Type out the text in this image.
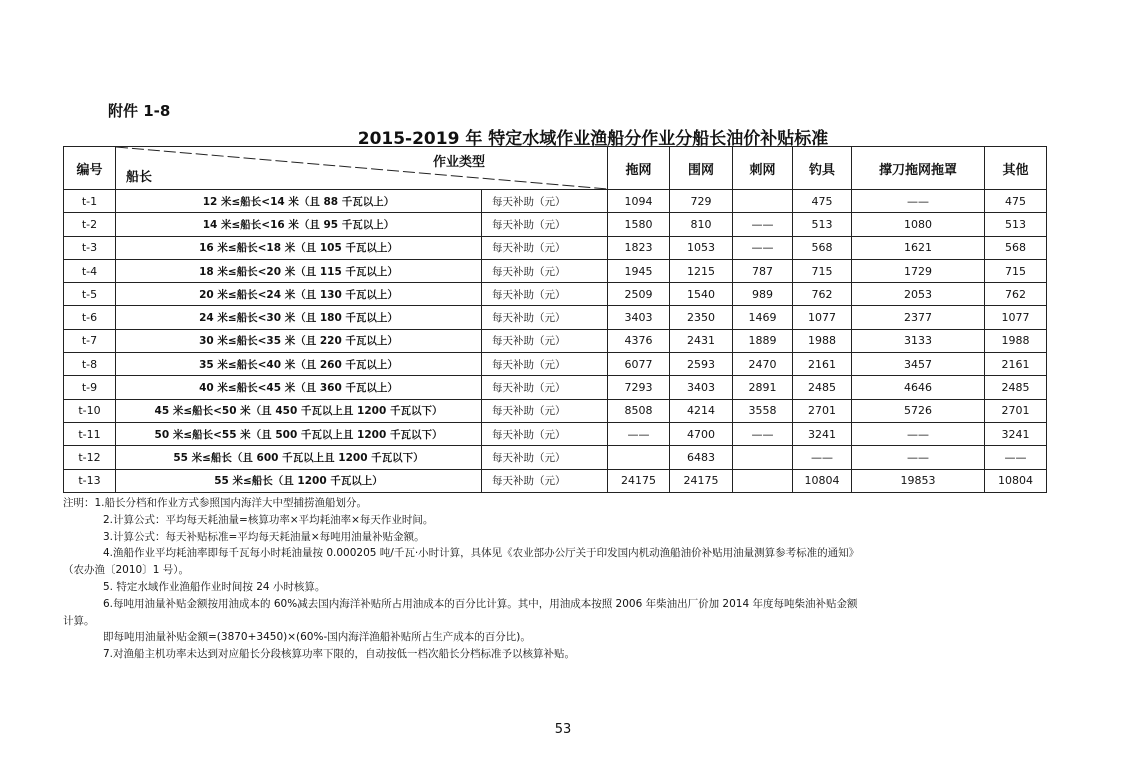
附件 1-8
2015-2019 年 特定水域作业渔船分作业分船长油价补贴标准
编号	作业类型
船长		拖网	围网	刺网	钓具	撑刀拖网拖罩	其他
t-1	12 米≤船长<14 米（且 88 千瓦以上）	每天补助（元）	1094	729		475	——	475
t-2	14 米≤船长<16 米（且 95 千瓦以上）	每天补助（元）	1580	810	——	513	1080	513
t-3	16 米≤船长<18 米（且 105 千瓦以上）	每天补助（元）	1823	1053	——	568	1621	568
t-4	18 米≤船长<20 米（且 115 千瓦以上）	每天补助（元）	1945	1215	787	715	1729	715
t-5	20 米≤船长<24 米（且 130 千瓦以上）	每天补助（元）	2509	1540	989	762	2053	762
t-6	24 米≤船长<30 米（且 180 千瓦以上）	每天补助（元）	3403	2350	1469	1077	2377	1077
t-7	30 米≤船长<35 米（且 220 千瓦以上）	每天补助（元）	4376	2431	1889	1988	3133	1988
t-8	35 米≤船长<40 米（且 260 千瓦以上）	每天补助（元）	6077	2593	2470	2161	3457	2161
t-9	40 米≤船长<45 米（且 360 千瓦以上）	每天补助（元）	7293	3403	2891	2485	4646	2485
t-10	45 米≤船长<50 米（且 450 千瓦以上且 1200 千瓦以下）	每天补助（元）	8508	4214	3558	2701	5726	2701
t-11	50 米≤船长<55 米（且 500 千瓦以上且 1200 千瓦以下）	每天补助（元）	——	4700	——	3241	——	3241
t-12	55 米≤船长（且 600 千瓦以上且 1200 千瓦以下）	每天补助（元）		6483		——	——	——
t-13	55 米≤船长（且 1200 千瓦以上）	每天补助（元）	24175	24175		10804	19853	10804
注明：1.船长分档和作业方式参照国内海洋大中型捕捞渔船划分。
2.计算公式：平均每天耗油量=核算功率×平均耗油率×每天作业时间。
3.计算公式：每天补贴标准=平均每天耗油量×每吨用油量补贴金额。
4.渔船作业平均耗油率即每千瓦每小时耗油量按 0.000205 吨/千瓦·小时计算，具体见《农业部办公厅关于印发国内机动渔船油价补贴用油量测算参考标准的通知》
（农办渔〔2010〕1 号）。
5. 特定水域作业渔船作业时间按 24 小时核算。
6.每吨用油量补贴金额按用油成本的 60%减去国内海洋补贴所占用油成本的百分比计算。其中，用油成本按照 2006 年柴油出厂价加 2014 年度每吨柴油补贴金额
计算。
即每吨用油量补贴金额=(3870+3450)×(60%-国内海洋渔船补贴所占生产成本的百分比)。
7.对渔船主机功率未达到对应船长分段核算功率下限的，自动按低一档次船长分档标准予以核算补贴。
53
